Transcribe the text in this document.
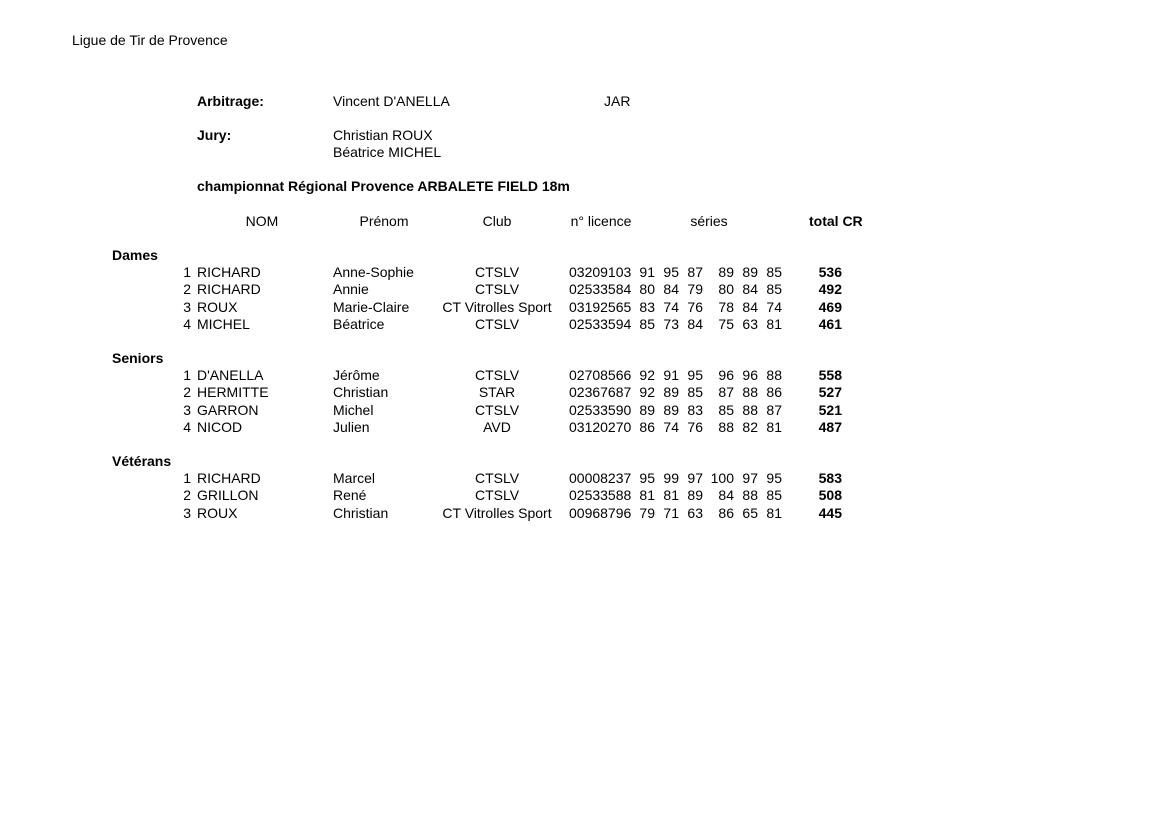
Ligue de Tir de Provence
Arbitrage:	Vincent D'ANELLA	JAR
Jury:	Christian ROUX
Béatrice MICHEL
championnat Régional Provence ARBALETE FIELD 18m
NOM	Prénom	Club	n° licence	séries	total CR
Dames
1 RICHARD	Anne-Sophie	CTSLV	03209103 91 95 87	89 89 85	536
2 RICHARD	Annie	CTSLV	02533584 80 84 79	80 84 85	492
3 ROUX	Marie-Claire	CT Vitrolles Sport	03192565 83 74 76	78 84 74	469
4 MICHEL	Béatrice	CTSLV	02533594 85 73 84	75 63 81	461
Seniors
1 D'ANELLA	Jérôme	CTSLV	02708566 92 91 95	96 96 88	558
2 HERMITTE	Christian	STAR	02367687 92 89 85	87 88 86	527
3 GARRON	Michel	CTSLV	02533590 89 89 83	85 88 87	521
4 NICOD	Julien	AVD	03120270 86 74 76	88 82 81	487
Vétérans
1 RICHARD	Marcel	CTSLV	00008237 95 99 97 100 97 95	583
2 GRILLON	René	CTSLV	02533588 81 81 89	84 88 85	508
3 ROUX	Christian	CT Vitrolles Sport	00968796 79 71 63	86 65 81	445
